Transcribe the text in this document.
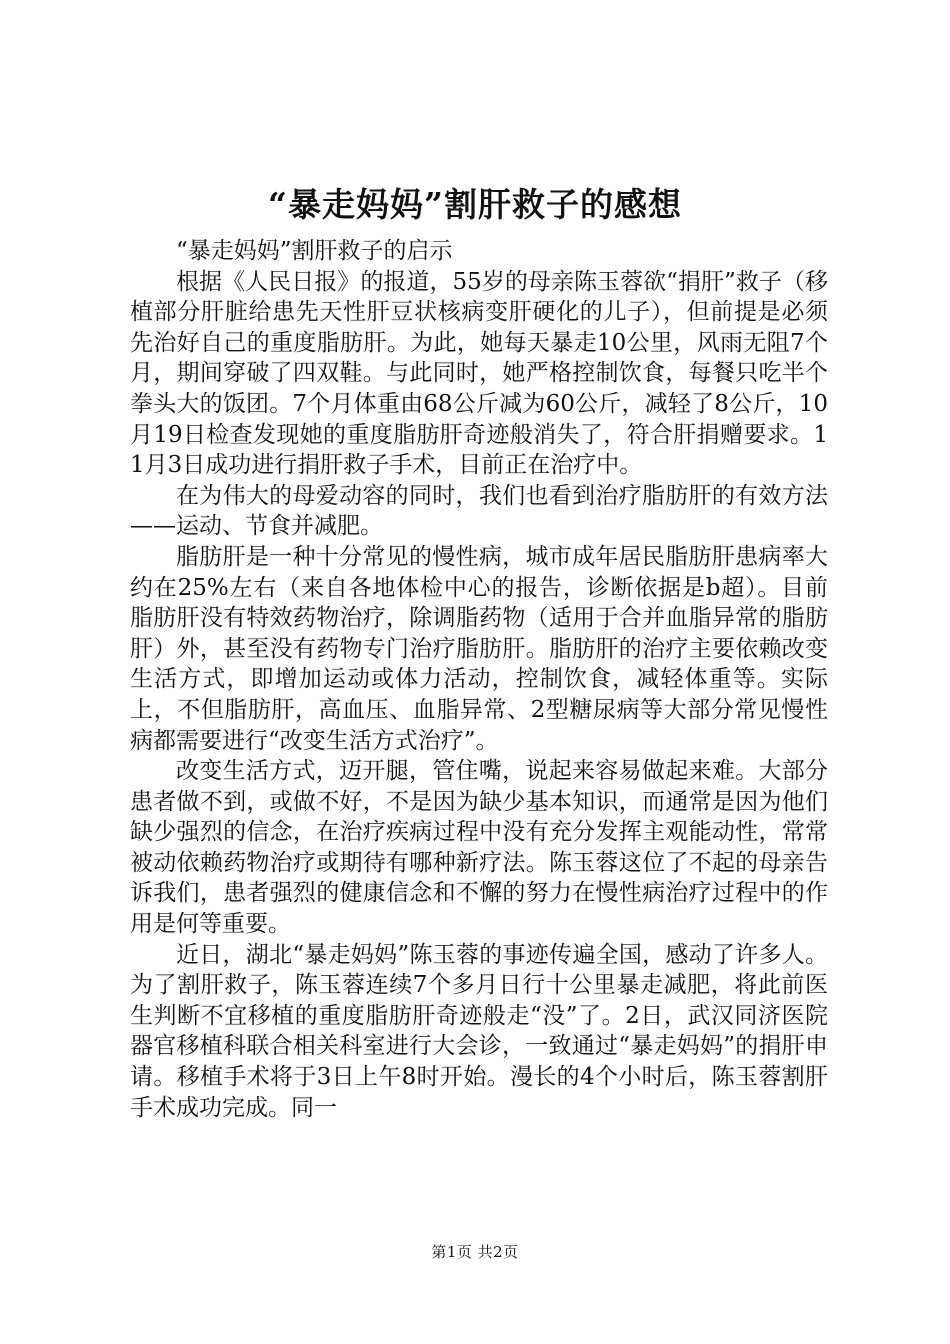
“暴走妈妈”割肝救子的感想

“暴走妈妈”割肝救子的启示

根据《人民日报》的报道，55岁的母亲陈玉蓉欲“捐肝”救子（移植部分肝脏给患先天性肝豆状核病变肝硬化的儿子），但前提是必须先治好自己的重度脂肪肝。为此，她每天暴走10公里，风雨无阻7个月，期间穿破了四双鞋。与此同时，她严格控制饮食，每餐只吃半个拳头大的饭团。7个月体重由68公斤减为60公斤，减轻了8公斤，10月19日检查发现她的重度脂肪肝奇迹般消失了，符合肝捐赠要求。11月3日成功进行捐肝救子手术，目前正在治疗中。

在为伟大的母爱动容的同时，我们也看到治疗脂肪肝的有效方法——运动、节食并减肥。

脂肪肝是一种十分常见的慢性病，城市成年居民脂肪肝患病率大约在25%左右（来自各地体检中心的报告，诊断依据是b超）。目前脂肪肝没有特效药物治疗，除调脂药物（适用于合并血脂异常的脂肪肝）外，甚至没有药物专门治疗脂肪肝。脂肪肝的治疗主要依赖改变生活方式，即增加运动或体力活动，控制饮食，减轻体重等。实际上，不但脂肪肝，高血压、血脂异常、2型糖尿病等大部分常见慢性病都需要进行“改变生活方式治疗”。

改变生活方式，迈开腿，管住嘴，说起来容易做起来难。大部分患者做不到，或做不好，不是因为缺少基本知识，而通常是因为他们缺少强烈的信念，在治疗疾病过程中没有充分发挥主观能动性，常常被动依赖药物治疗或期待有哪种新疗法。陈玉蓉这位了不起的母亲告诉我们，患者强烈的健康信念和不懈的努力在慢性病治疗过程中的作用是何等重要。

近日，湖北“暴走妈妈”陈玉蓉的事迹传遍全国，感动了许多人。为了割肝救子，陈玉蓉连续7个多月日行十公里暴走减肥，将此前医生判断不宜移植的重度脂肪肝奇迹般走“没”了。2日，武汉同济医院器官移植科联合相关科室进行大会诊，一致通过“暴走妈妈”的捐肝申请。移植手术将于3日上午8时开始。漫长的4个小时后，陈玉蓉割肝手术成功完成。同一

第1页 共2页
